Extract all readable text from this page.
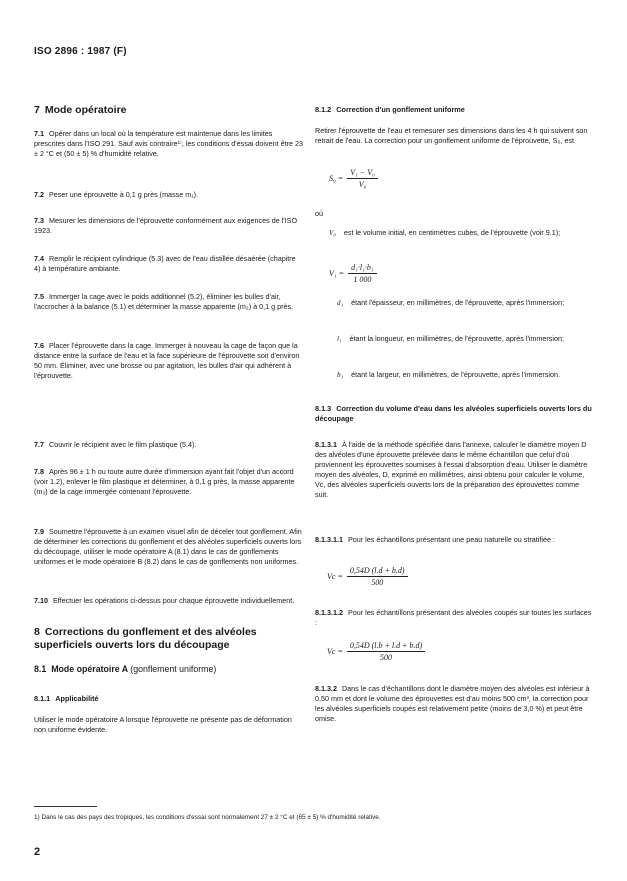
ISO 2896 : 1987 (F)
7 Mode opératoire
7.1 Opérer dans un local où la température est maintenue dans les limites prescrites dans l'ISO 291. Sauf avis contraire¹⁾, les conditions d'essai doivent être 23 ± 2 °C et (50 ± 5) % d'humidité relative.
7.2 Peser une éprouvette à 0,1 g près (masse m₁).
7.3 Mesurer les dimensions de l'éprouvette conformément aux exigences de l'ISO 1923.
7.4 Remplir le récipient cylindrique (5.3) avec de l'eau distillée désaérée (chapitre 4) à température ambiante.
7.5 Immerger la cage avec le poids additionnel (5.2), éliminer les bulles d'air, l'accrocher à la balance (5.1) et déterminer la masse apparente (m₂) à 0,1 g près.
7.6 Placer l'éprouvette dans la cage. Immerger à nouveau la cage de façon que la distance entre la surface de l'eau et la face supérieure de l'éprouvette soit d'environ 50 mm. Éliminer, avec une brosse ou par agitation, les bulles d'air qui adhèrent à l'éprouvette.
7.7 Couvrir le récipient avec le film plastique (5.4).
7.8 Après 96 ± 1 h ou toute autre durée d'immersion ayant fait l'objet d'un accord (voir 1.2), enlever le film plastique et déterminer, à 0,1 g près, la masse apparente (m₃) de la cage immergée contenant l'éprouvette.
7.9 Soumettre l'éprouvette à un examen visuel afin de déceler tout gonflement. Afin de déterminer les corrections du gonflement et des alvéoles superficiels ouverts lors du découpage, utiliser le mode opératoire A (8.1) dans le cas de gonflements uniformes et le mode opératoire B (8.2) dans le cas de gonflements non uniformes.
7.10 Effectuer les opérations ci-dessus pour chaque éprouvette individuellement.
8 Corrections du gonflement et des alvéoles superficiels ouverts lors du découpage
8.1 Mode opératoire A (gonflement uniforme)
8.1.1 Applicabilité
Utiliser le mode opératoire A lorsque l'éprouvette ne présente pas de déformation non uniforme évidente.
8.1.2 Correction d'un gonflement uniforme
Retirer l'éprouvette de l'eau et remesurer ses dimensions dans les 4 h qui suivent son retrait de l'eau. La correction pour un gonflement uniforme de l'éprouvette, S₀, est
$S_0 = \frac{\text{V₁ − V₀}}{\text{V₀}}$
où
V₀ est le volume initial, en centimètres cubes, de l'éprouvette (voir 9.1);
$V_1 = \frac{\text{d₁·l₁·b₁}}{1 000}$
d₁ étant l'épaisseur, en millimètres, de l'éprouvette, après l'immersion;
l₁ étant la longueur, en millimètres, de l'éprouvette, après l'immersion;
b₁ étant la largeur, en millimètres, de l'éprouvette, après l'immersion.
8.1.3 Correction du volume d'eau dans les alvéoles superficiels ouverts lors du découpage
8.1.3.1 À l'aide de la méthode spécifiée dans l'annexe, calculer le diamètre moyen D des alvéoles d'une éprouvette prélevée dans le même échantillon que celui d'où proviennent les éprouvettes soumises à l'essai d'absorption d'eau. Utiliser le diamètre moyen des alvéoles, D, exprimé en millimètres, ainsi obtenu pour calculer le volume, Vc, des alvéoles superficiels ouverts lors de la préparation des éprouvettes comme suit.
8.1.3.1.1 Pour les échantillons présentant une peau naturelle ou stratifiée :
$Vc = \frac{0,54D (l.d + b.d)}{500}$
8.1.3.1.2 Pour les échantillons présentant des alvéoles coupés sur toutes les surfaces :
$Vc = \frac{0,54D (l.b + l.d + b.d)}{500}$
8.1.3.2 Dans le cas d'échantillons dont le diamètre moyen des alvéoles est inférieur à 0,50 mm et dont le volume des éprouvettes est d'au moins 500 cm³, la correction pour les alvéoles superficiels coupés est relativement petite (moins de 3,0 %) et peut être omise.
1) Dans le cas des pays des tropiques, les conditions d'essai sont normalement 27 ± 2 °C et (65 ± 5) % d'humidité relative.
2
